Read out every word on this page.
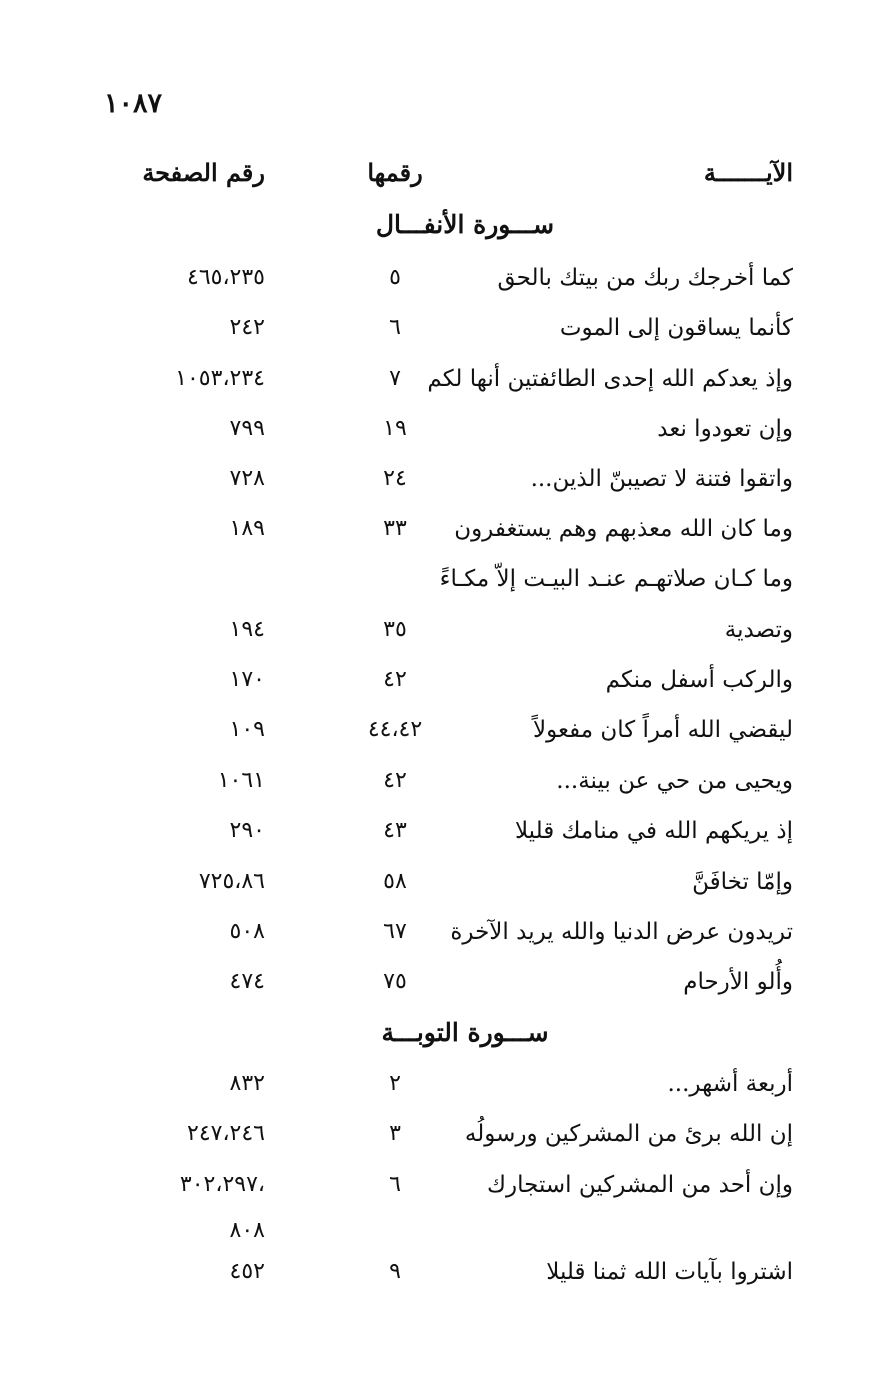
١٠٨٧
الآيـــــــة
رقمها
رقم الصفحة
ســـورة الأنفـــال
كما أخرجك ربك من بيتك بالحق
٥
٤٦٥،٢٣٥
كأنما يساقون إلى الموت
٦
٢٤٢
وإذ يعدكم الله إحدى الطائفتين أنها لكم
٧
١٠٥٣،٢٣٤
وإن تعودوا نعد
١٩
٧٩٩
واتقوا فتنة لا تصيبنّ الذين...
٢٤
٧٢٨
وما كان الله معذبهم وهم يستغفرون
٣٣
١٨٩
وما كـان صلاتهـم عنـد البيـت إلاّ مكـاءً
وتصدية
٣٥
١٩٤
والركب أسفل منكم
٤٢
١٧٠
ليقضي الله أمراً كان مفعولاً
٤٤،٤٢
١٠٩
ويحيى من حي عن بينة...
٤٢
١٠٦١
إذ يريكهم الله في منامك قليلا
٤٣
٢٩٠
وإمّا تخافَنَّ
٥٨
٧٢٥،٨٦
تريدون عرض الدنيا والله يريد الآخرة
٦٧
٥٠٨
وأُلو الأرحام
٧٥
٤٧٤
ســـورة التوبـــة
أربعة أشهر...
٢
٨٣٢
إن الله برئ من المشركين ورسولُه
٣
٢٤٧،٢٤٦
وإن أحد من المشركين استجارك
٦
،٣٠٢،٢٩٧
٨٠٨
اشتروا بآيات الله ثمنا قليلا
٩
٤٥٢
